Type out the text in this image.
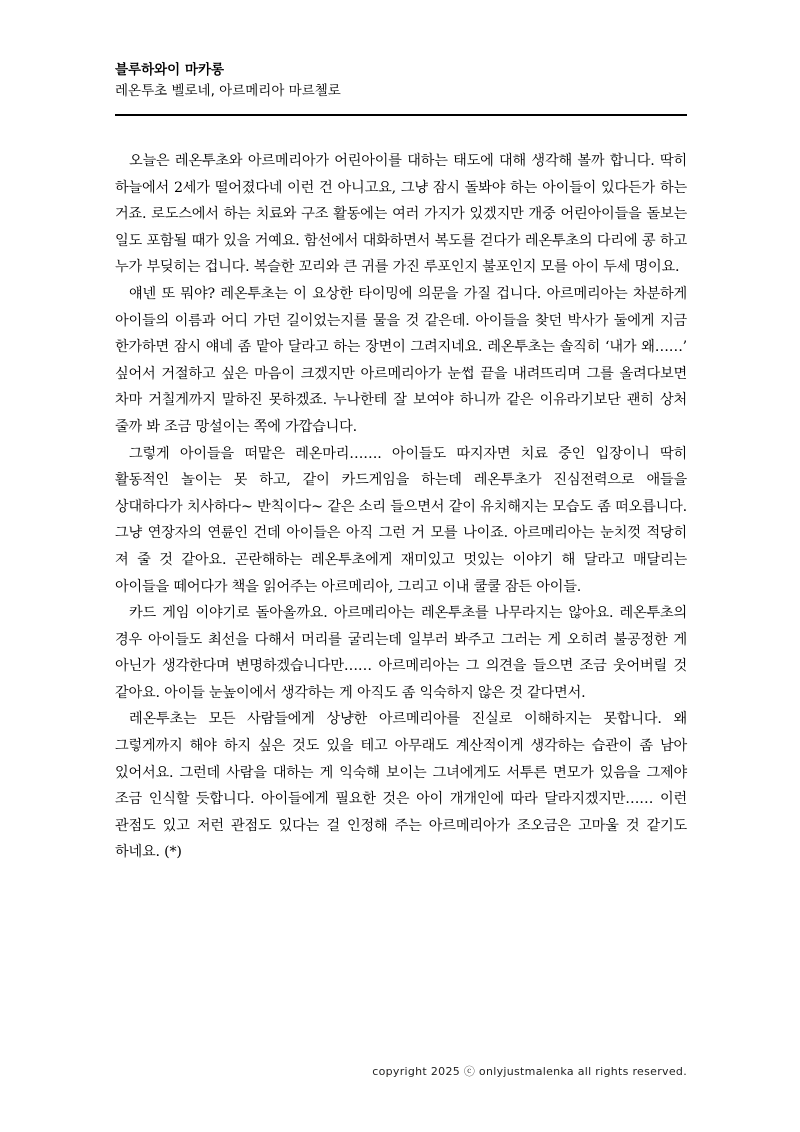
블루하와이 마카롱
레온투초 벨로네, 아르메리아 마르첼로

오늘은 레온투초와 아르메리아가 어린아이를 대하는 태도에 대해 생각해 볼까 합니다. 딱히 하늘에서 2세가 떨어졌다네 이런 건 아니고요, 그냥 잠시 돌봐야 하는 아이들이 있다든가 하는 거죠. 로도스에서 하는 치료와 구조 활동에는 여러 가지가 있겠지만 개중 어린아이들을 돌보는 일도 포함될 때가 있을 거예요. 함선에서 대화하면서 복도를 걷다가 레온투초의 다리에 콩 하고 누가 부딪히는 겁니다. 복슬한 꼬리와 큰 귀를 가진 루포인지 불포인지 모를 아이 두세 명이요.

얘넨 또 뭐야? 레온투초는 이 요상한 타이밍에 의문을 가질 겁니다. 아르메리아는 차분하게 아이들의 이름과 어디 가던 길이었는지를 물을 것 같은데. 아이들을 찾던 박사가 둘에게 지금 한가하면 잠시 얘네 좀 맡아 달라고 하는 장면이 그려지네요. 레온투초는 솔직히 ‘내가 왜……’ 싶어서 거절하고 싶은 마음이 크겠지만 아르메리아가 눈썹 끝을 내려뜨리며 그를 올려다보면 차마 거칠게까지 말하진 못하겠죠. 누나한테 잘 보여야 하니까 같은 이유라기보단 괜히 상처 줄까 봐 조금 망설이는 쪽에 가깝습니다.

그렇게 아이들을 떠맡은 레온마리……. 아이들도 따지자면 치료 중인 입장이니 딱히 활동적인 놀이는 못 하고, 같이 카드게임을 하는데 레온투초가 진심전력으로 애들을 상대하다가 치사하다~ 반칙이다~ 같은 소리 들으면서 같이 유치해지는 모습도 좀 떠오릅니다. 그냥 연장자의 연륜인 건데 아이들은 아직 그런 거 모를 나이죠. 아르메리아는 눈치껏 적당히 져 줄 것 같아요. 곤란해하는 레온투초에게 재미있고 멋있는 이야기 해 달라고 매달리는 아이들을 떼어다가 책을 읽어주는 아르메리아, 그리고 이내 쿨쿨 잠든 아이들.

카드 게임 이야기로 돌아올까요. 아르메리아는 레온투초를 나무라지는 않아요. 레온투초의 경우 아이들도 최선을 다해서 머리를 굴리는데 일부러 봐주고 그러는 게 오히려 불공정한 게 아닌가 생각한다며 변명하겠습니다만…… 아르메리아는 그 의견을 들으면 조금 웃어버릴 것 같아요. 아이들 눈높이에서 생각하는 게 아직도 좀 익숙하지 않은 것 같다면서.

레온투초는 모든 사람들에게 상냥한 아르메리아를 진실로 이해하지는 못합니다. 왜 그렇게까지 해야 하지 싶은 것도 있을 테고 아무래도 계산적이게 생각하는 습관이 좀 남아 있어서요. 그런데 사람을 대하는 게 익숙해 보이는 그녀에게도 서투른 면모가 있음을 그제야 조금 인식할 듯합니다. 아이들에게 필요한 것은 아이 개개인에 따라 달라지겠지만…… 이런 관점도 있고 저런 관점도 있다는 걸 인정해 주는 아르메리아가 조오금은 고마울 것 같기도 하네요. (*)

copyright 2025 ⓒ onlyjustmalenka all rights reserved.
